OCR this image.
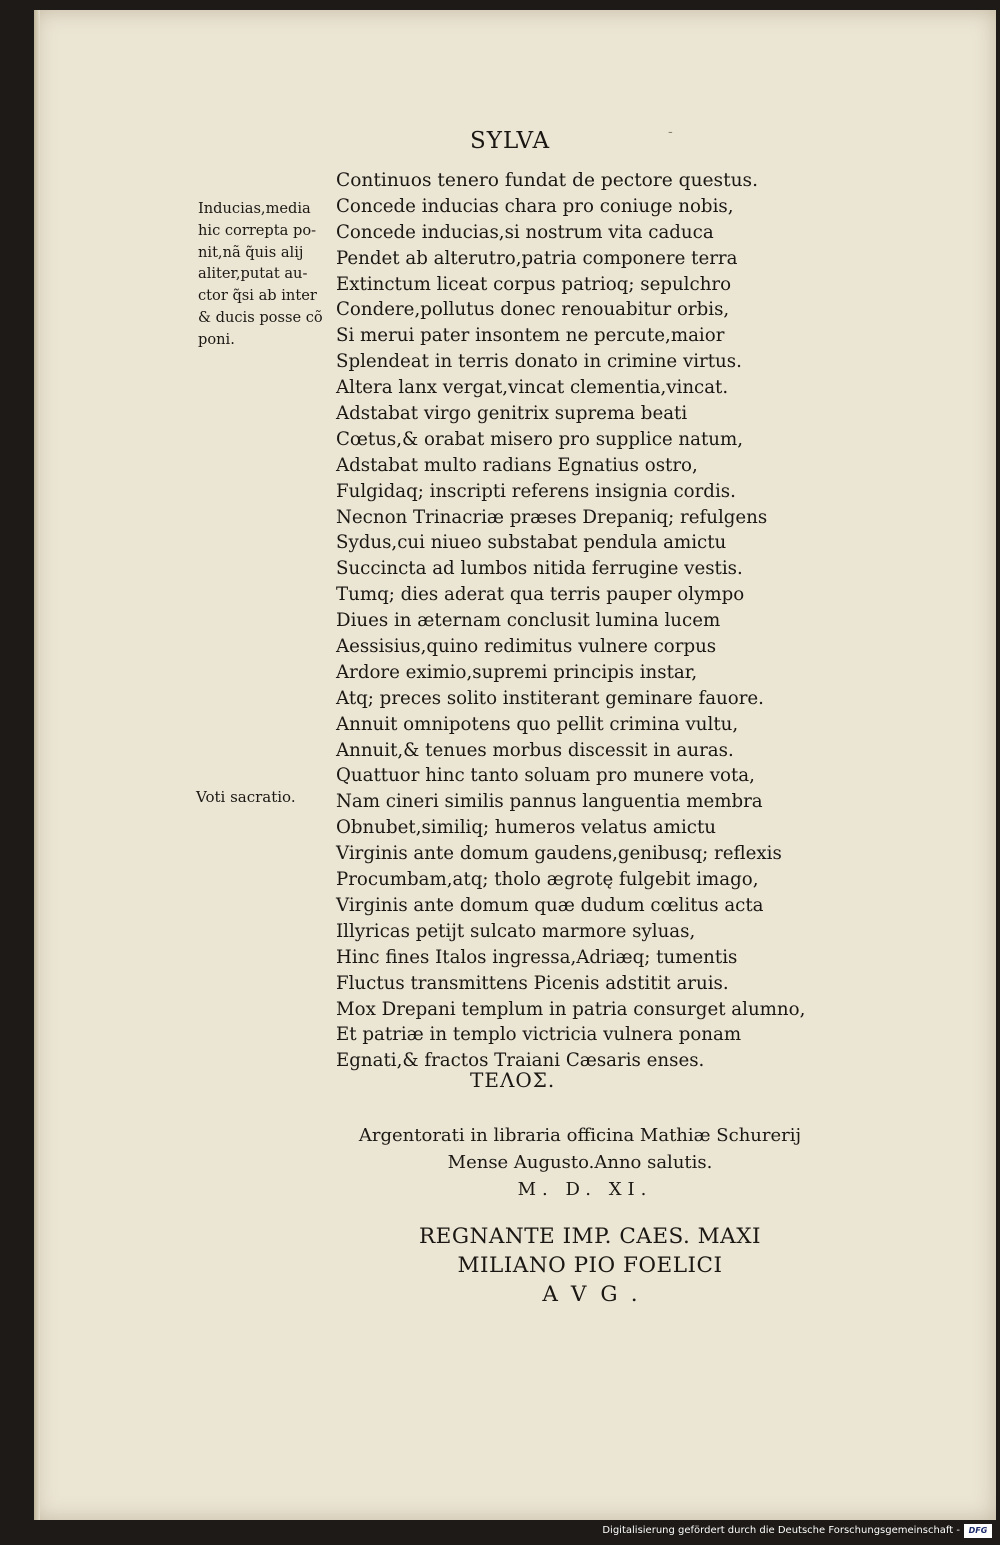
SYLVA	-
Inducias,media
hic correpta po-
nit,nã q̃uis alij
aliter,putat au-
ctor q̃si ab inter
& ducis posse cõ
poni.
Voti sacratio.
Continuos tenero fundat de pectore questus.
Concede inducias chara pro coniuge nobis,
Concede inducias,si nostrum vita caduca
Pendet ab alterutro,patria componere terra
Extinctum liceat corpus patrioq; sepulchro
Condere,pollutus donec renouabitur orbis,
Si merui pater insontem ne percute,maior
Splendeat in terris donato in crimine virtus.
Altera lanx vergat,vincat clementia,vincat.
Adstabat virgo genitrix suprema beati
Cœtus,& orabat misero pro supplice natum,
Adstabat multo radians Egnatius ostro,
Fulgidaq; inscripti referens insignia cordis.
Necnon Trinacriæ præses Drepaniq; refulgens
Sydus,cui niueo substabat pendula amictu
Succincta ad lumbos nitida ferrugine vestis.
Tumq; dies aderat qua terris pauper olympo
Diues in æternam conclusit lumina lucem
Aessisius,quino redimitus vulnere corpus
Ardore eximio,supremi principis instar,
Atq; preces solito institerant geminare fauore.
Annuit omnipotens quo pellit crimina vultu,
Annuit,& tenues morbus discessit in auras.
Quattuor hinc tanto soluam pro munere vota,
Nam cineri similis pannus languentia membra
Obnubet,similiq; humeros velatus amictu
Virginis ante domum gaudens,genibusq; reflexis
Procumbam,atq; tholo ægrotę fulgebit imago,
Virginis ante domum quæ dudum cœlitus acta
Illyricas petijt sulcato marmore syluas,
Hinc fines Italos ingressa,Adriæq; tumentis
Fluctus transmittens Picenis adstitit aruis.
Mox Drepani templum in patria consurget alumno,
Et patriæ in templo victricia vulnera ponam
Egnati,& fractos Traiani Cæsaris enses.
ΤΕΛΟΣ.
Argentorati in libraria officina Mathiæ Schurerij
Mense Augusto.Anno salutis.
M. D. XI.
REGNANTE IMP. CAES. MAXI
MILIANO PIO FOELICI
AVG.
Digitalisierung gefördert durch die Deutsche Forschungsgemeinschaft -	DFG
